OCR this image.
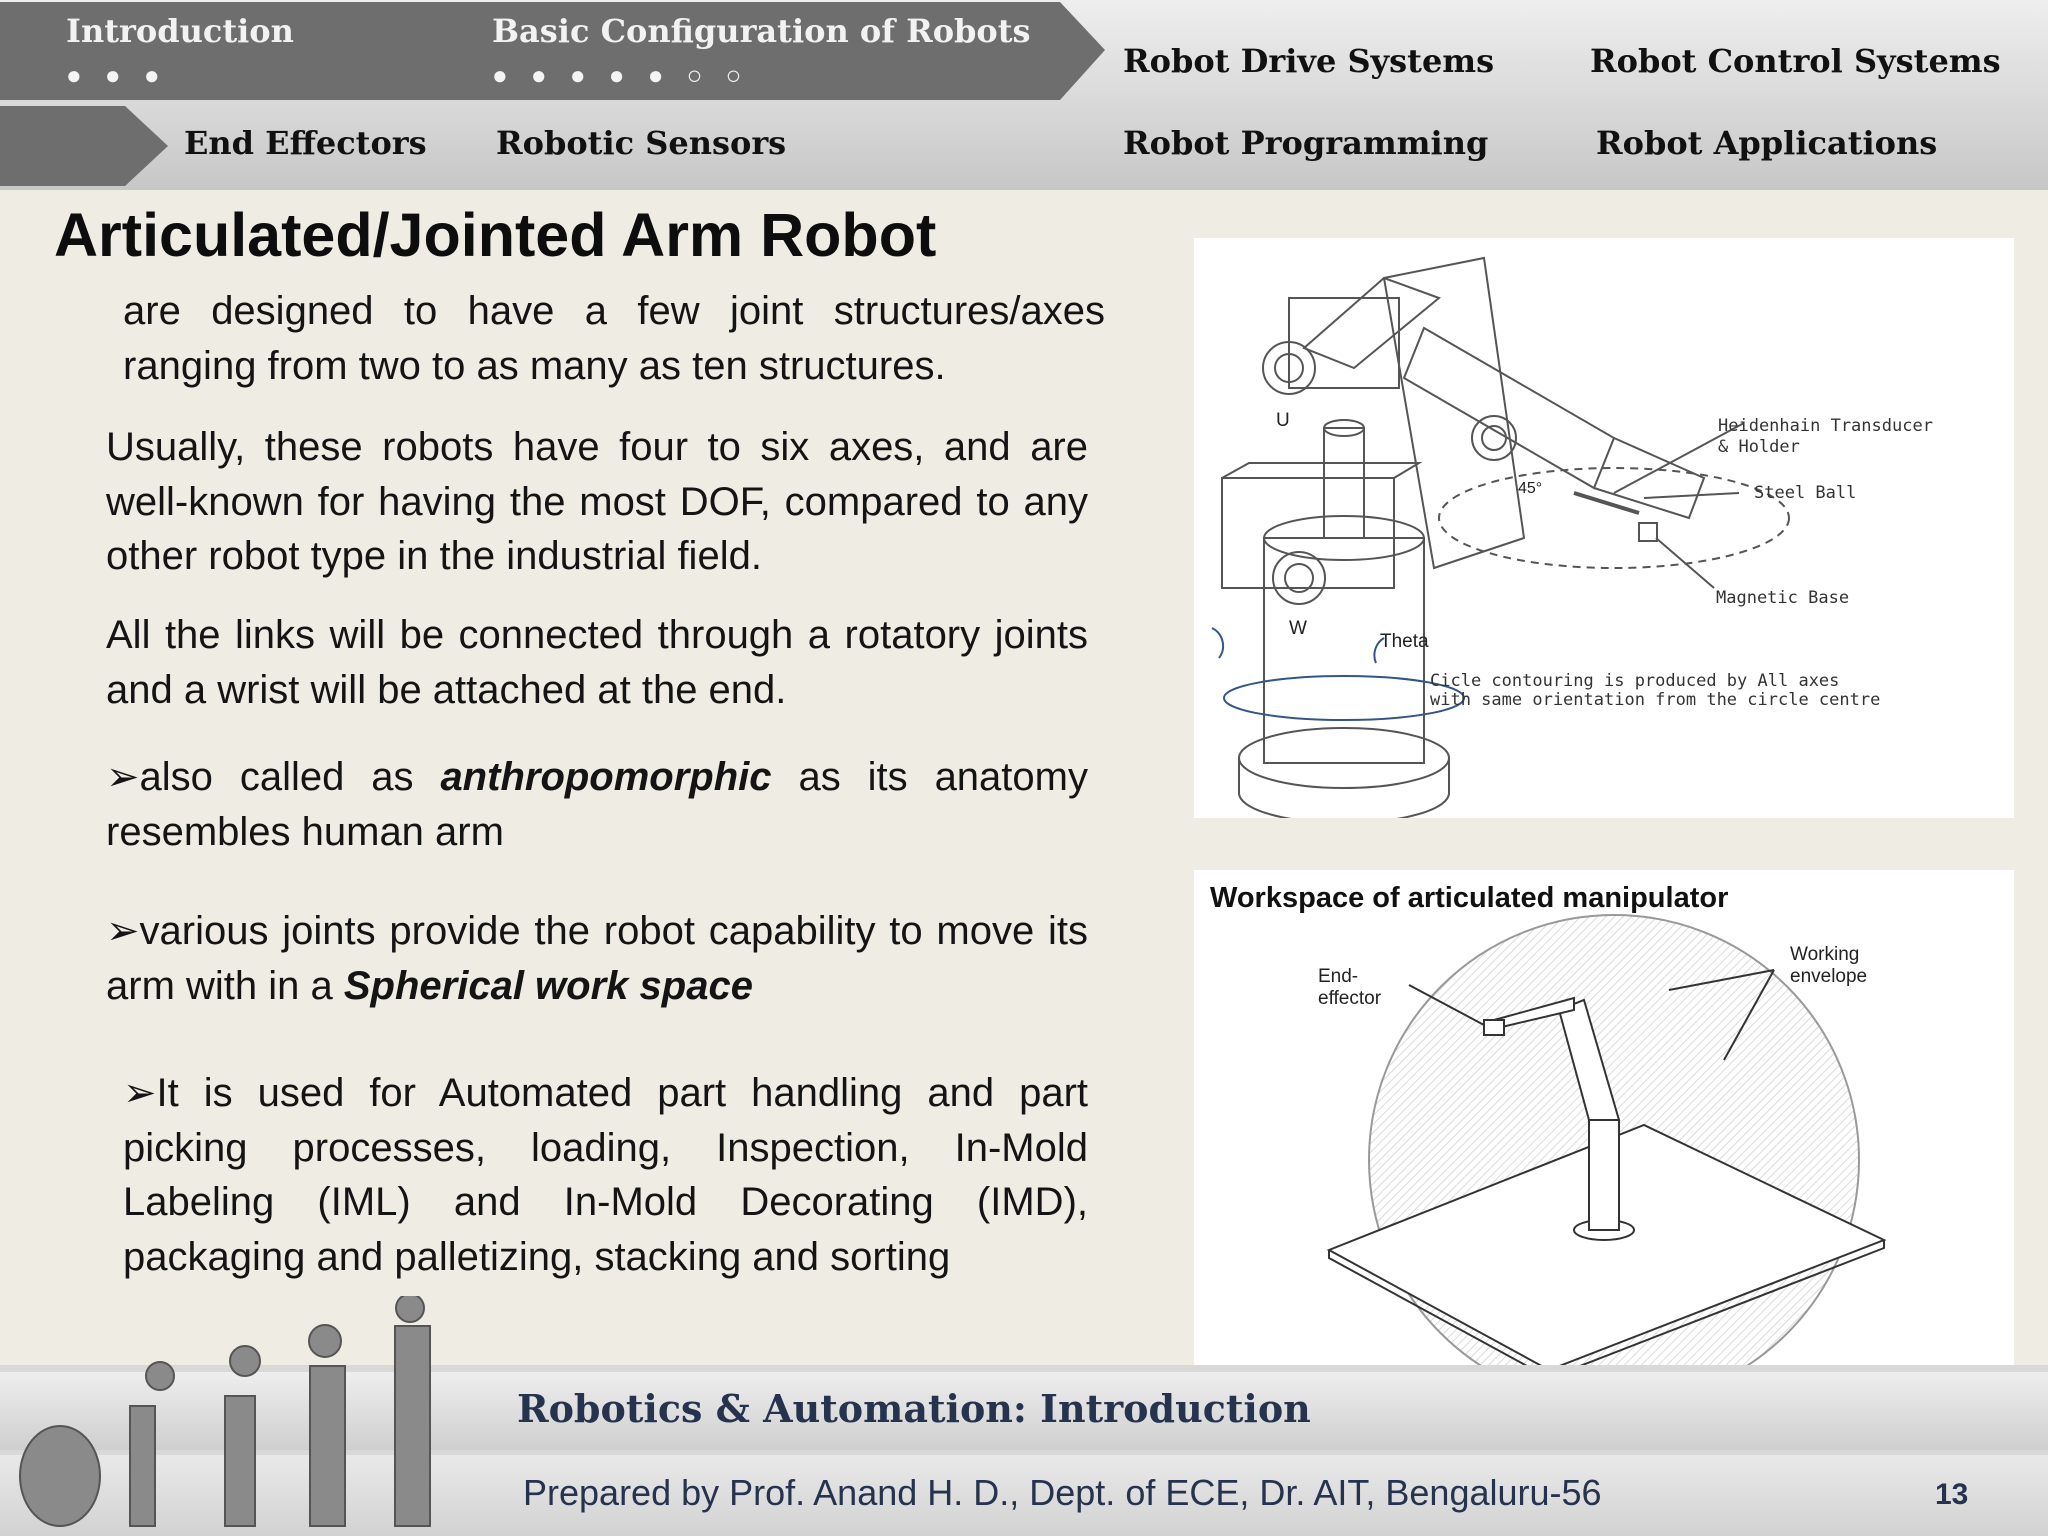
Introduction
● ● ●
Basic Configuration of Robots
● ● ● ● ● ○ ○	Robot Drive Systems	Robot Control Systems
End Effectors Robotic Sensors	Robot Programming	Robot Applications
Articulated/Jointed Arm Robot
are designed to have a few joint structures/axes ranging from two to as many as ten structures.
Usually, these robots have four to six axes, and are well-known for having the most DOF, compared to any other robot type in the industrial field.
All the links will be connected through a rotatory joints and a wrist will be attached at the end.
➢also called as anthropomorphic as its anatomy resembles human arm
➢various joints provide the robot capability to move its arm with in a Spherical work space
➢It is used for Automated part handling and part picking processes, loading, Inspection, In-Mold Labeling (IML) and In-Mold Decorating (IMD), packaging and palletizing, stacking and sorting
U
W
Theta
45°
Heidenhain Transducer
& Holder
Steel Ball
Magnetic Base
Cicle contouring is produced by All axes
with same orientation from the circle centre
Workspace of articulated manipulator
End-
effector
Working
envelope
Robotics & Automation: Introduction
Prepared by Prof. Anand H. D., Dept. of ECE, Dr. AIT, Bengaluru-56	13
